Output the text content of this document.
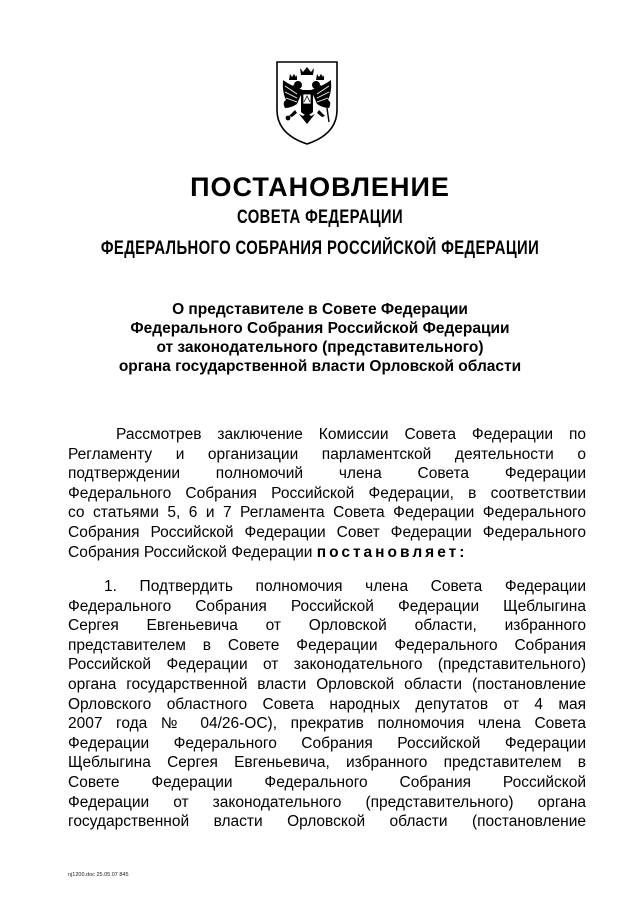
ПОСТАНОВЛЕНИЕ
СОВЕТА ФЕДЕРАЦИИ
ФЕДЕРАЛЬНОГО СОБРАНИЯ РОССИЙСКОЙ ФЕДЕРАЦИИ
О представителе в Совете Федерации
Федерального Собрания Российской Федерации
от законодательного (представительного)
органа государственной власти Орловской области
Рассмотрев заключение Комиссии Совета Федерации по
Регламенту и организации парламентской деятельности о
подтверждении полномочий члена Совета Федерации
Федерального Собрания Российской Федерации, в соответствии
со статьями 5, 6 и 7 Регламента Совета Федерации Федерального
Собрания Российской Федерации Совет Федерации Федерального
Собрания Российской Федерации постановляет:
1. Подтвердить полномочия члена Совета Федерации
Федерального Собрания Российской Федерации Щеблыгина
Сергея Евгеньевича от Орловской области, избранного
представителем в Совете Федерации Федерального Собрания
Российской Федерации от законодательного (представительного)
органа государственной власти Орловской области (постановление
Орловского областного Совета народных депутатов от 4 мая
2007 года № 04/26-ОС), прекратив полномочия члена Совета
Федерации Федерального Собрания Российской Федерации
Щеблыгина Сергея Евгеньевича, избранного представителем в
Совете Федерации Федерального Собрания Российской
Федерации от законодательного (представительного) органа
государственной власти Орловской области (постановление
nj1200.doc 25.05.07 845
